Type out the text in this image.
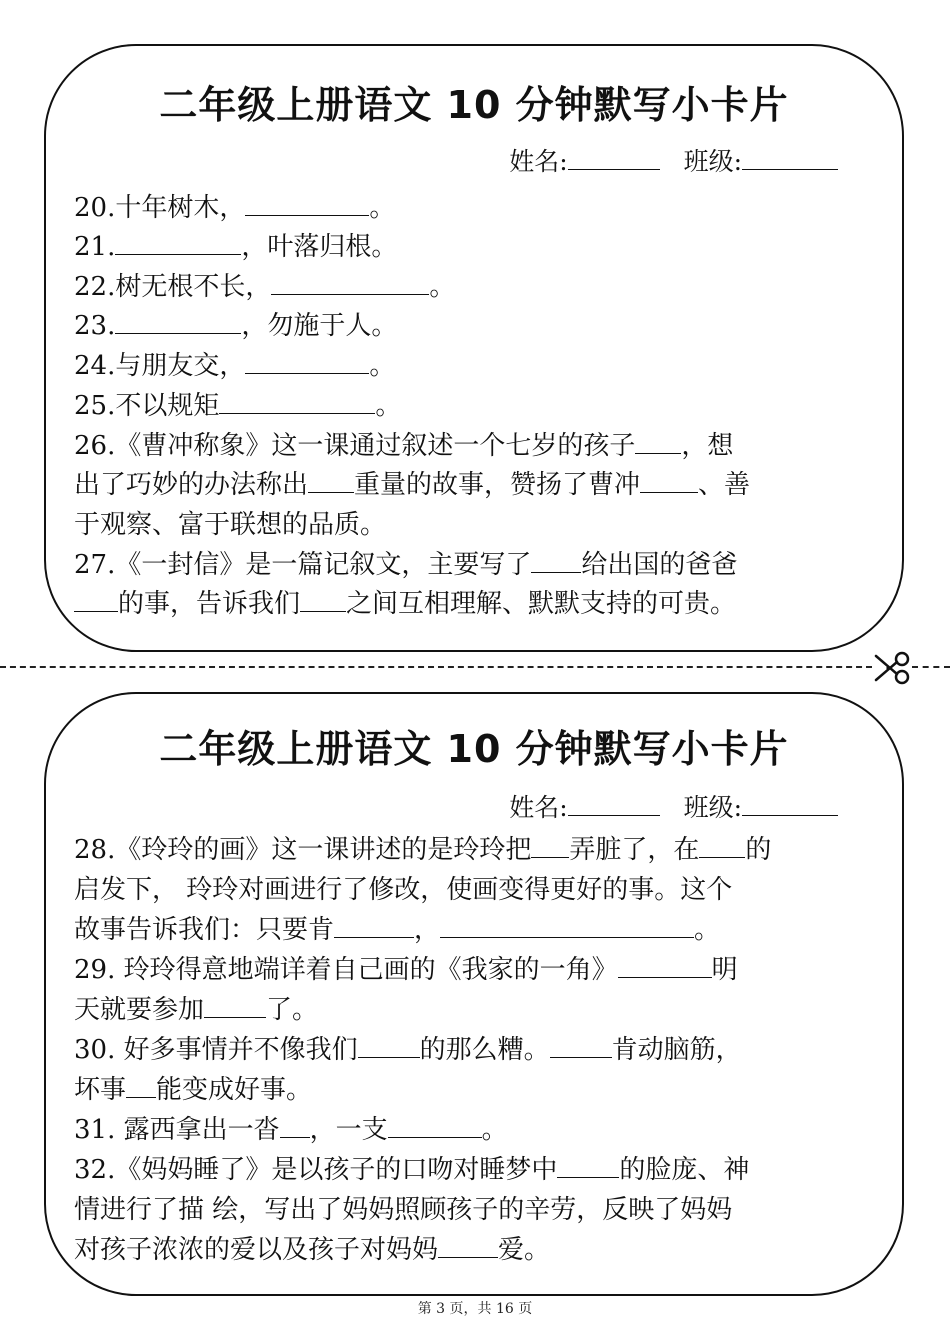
二年级上册语文 10 分钟默写小卡片
姓名:	班级:
20.十年树木，	。
21.	，叶落归根。
22.树无根不长，	。
23.	，勿施于人。
24.与朋友交，	。
25.不以规矩	。
26.《曹冲称象》这一课通过叙述一个七岁的孩子 ，想
出了巧妙的办法称出 重量的故事，赞扬了曹冲 、善
于观察、富于联想的品质。
27.《一封信》是一篇记叙文，主要写了 给出国的爸爸
的事，告诉我们 之间互相理解、默默支持的可贵。
二年级上册语文 10 分钟默写小卡片
姓名:	班级:
28.《玲玲的画》这一课讲述的是玲玲把 弄脏了，在 的
启发下， 玲玲对画进行了修改，使画变得更好的事。这个
故事告诉我们：只要肯	，	。
29. 玲玲得意地端详着自己画的《我家的一角》	明
天就要参加 了。
30. 好多事情并不像我们 的那么糟。 肯动脑筋，
坏事 能变成好事。
31. 露西拿出一沓 ，一支	。
32.《妈妈睡了》是以孩子的口吻对睡梦中 的脸庞、神
情进行了描 绘，写出了妈妈照顾孩子的辛劳，反映了妈妈
对孩子浓浓的爱以及孩子对妈妈 爱。
第 3 页，共 16 页
